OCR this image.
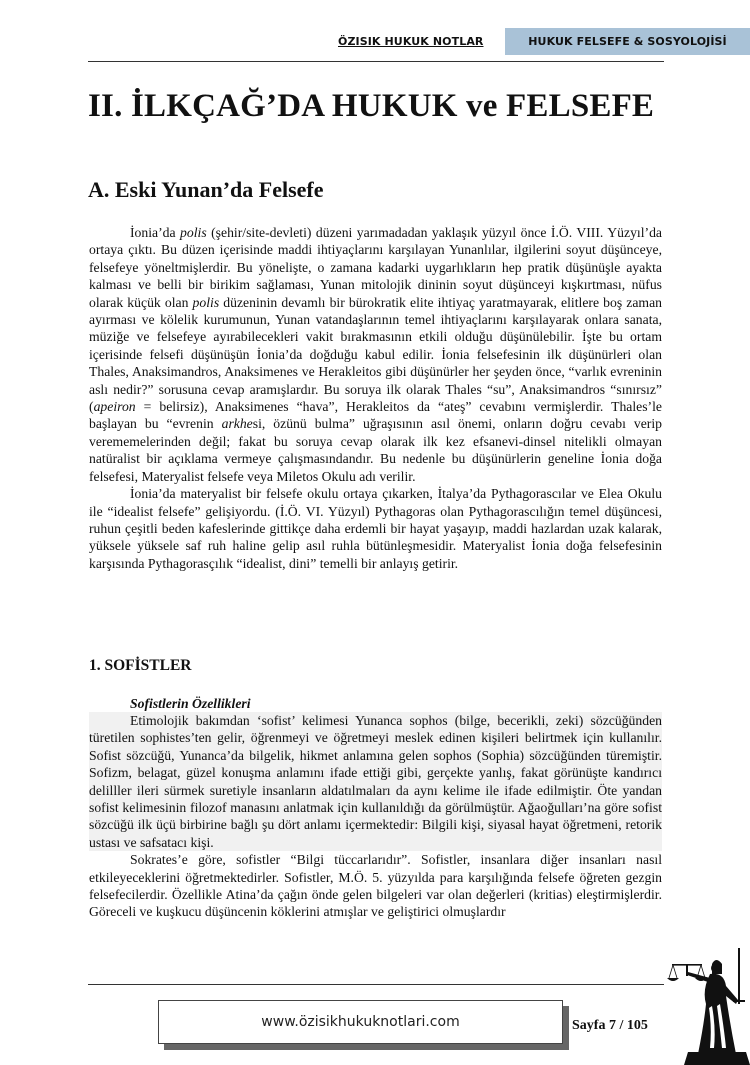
ÖZISIK HUKUK NOTLAR	HUKUK FELSEFE & SOSYOLOJİSİ
II. İLKÇAĞ’DA HUKUK ve FELSEFE
A. Eski Yunan’da Felsefe

İonia’da polis (şehir/site-devleti) düzeni yarımadadan yaklaşık yüzyıl önce İ.Ö. VIII. Yüzyıl’da ortaya çıktı. Bu düzen içerisinde maddi ihtiyaçlarını karşılayan Yunanlılar, ilgilerini soyut düşünceye, felsefeye yöneltmişlerdir. Bu yönelişte, o zamana kadarki uygarlıkların hep pratik düşünüşle ayakta kalması ve belli bir birikim sağlaması, Yunan mitolojik dininin soyut düşünceyi kışkırtması, nüfus olarak küçük olan polis düzeninin devamlı bir bürokratik elite ihtiyaç yaratmayarak, elitlere boş zaman ayırması ve kölelik kurumunun, Yunan vatandaşlarının temel ihtiyaçlarını karşılayarak onlara sanata, müziğe ve felsefeye ayırabilecekleri vakit bırakmasının etkili olduğu düşünülebilir. İşte bu ortam içerisinde felsefi düşünüşün İonia’da doğduğu kabul edilir. İonia felsefesinin ilk düşünürleri olan Thales, Anaksimandros, Anaksimenes ve Herakleitos gibi düşünürler her şeyden önce, “varlık evreninin aslı nedir?” sorusuna cevap aramışlardır. Bu soruya ilk olarak Thales “su”, Anaksimandros “sınırsız” (apeiron = belirsiz), Anaksimenes “hava”, Herakleitos da “ateş” cevabını vermişlerdir. Thales’le başlayan bu “evrenin arkhesi, özünü bulma” uğraşısının asıl önemi, onların doğru cevabı verip verememelerinden değil; fakat bu soruya cevap olarak ilk kez efsanevi-dinsel nitelikli olmayan natüralist bir açıklama vermeye çalışmasındandır. Bu nedenle bu düşünürlerin geneline İonia doğa felsefesi, Materyalist felsefe veya Miletos Okulu adı verilir.

İonia’da materyalist bir felsefe okulu ortaya çıkarken, İtalya’da Pythagorascılar ve Elea Okulu ile “idealist felsefe” gelişiyordu. (İ.Ö. VI. Yüzyıl) Pythagoras olan Pythagorascılığın temel düşüncesi, ruhun çeşitli beden kafeslerinde gittikçe daha erdemli bir hayat yaşayıp, maddi hazlardan uzak kalarak, yüksele yüksele saf ruh haline gelip asıl ruhla bütünleşmesidir. Materyalist İonia doğa felsefesinin karşısında Pythagorasçılık “idealist, dini” temelli bir anlayış getirir.

1. SOFİSTLER
Sofistlerin Özellikleri

Etimolojik bakımdan ‘sofist’ kelimesi Yunanca sophos (bilge, becerikli, zeki) sözcüğünden türetilen sophistes’ten gelir, öğrenmeyi ve öğretmeyi meslek edinen kişileri belirtmek için kullanılır. Sofist sözcüğü, Yunanca’da bilgelik, hikmet anlamına gelen sophos (Sophia) sözcüğünden türemiştir. Sofizm, belagat, güzel konuşma anlamını ifade ettiği gibi, gerçekte yanlış, fakat görünüşte kandırıcı delilller ileri sürmek suretiyle insanların aldatılmaları da aynı kelime ile ifade edilmiştir. Öte yandan sofist kelimesinin filozof manasını anlatmak için kullanıldığı da görülmüştür. Ağaoğulları’na göre sofist sözcüğü ilk üçü birbirine bağlı şu dört anlamı içermektedir: Bilgili kişi, siyasal hayat öğretmeni, retorik ustası ve safsatacı kişi.

Sokrates’e göre, sofistler “Bilgi tüccarlarıdır”. Sofistler, insanlara diğer insanları nasıl etkileyeceklerini öğretmektedirler. Sofistler, M.Ö. 5. yüzyılda para karşılığında felsefe öğreten gezgin felsefecilerdir. Özellikle Atina’da çağın önde gelen bilgeleri var olan değerleri (kritias) eleştirmişlerdir. Göreceli ve kuşkucu düşüncenin köklerini atmışlar ve geliştirici olmuşlardır

www.özisikhukuknotlari.com	Sayfa 7 / 105
